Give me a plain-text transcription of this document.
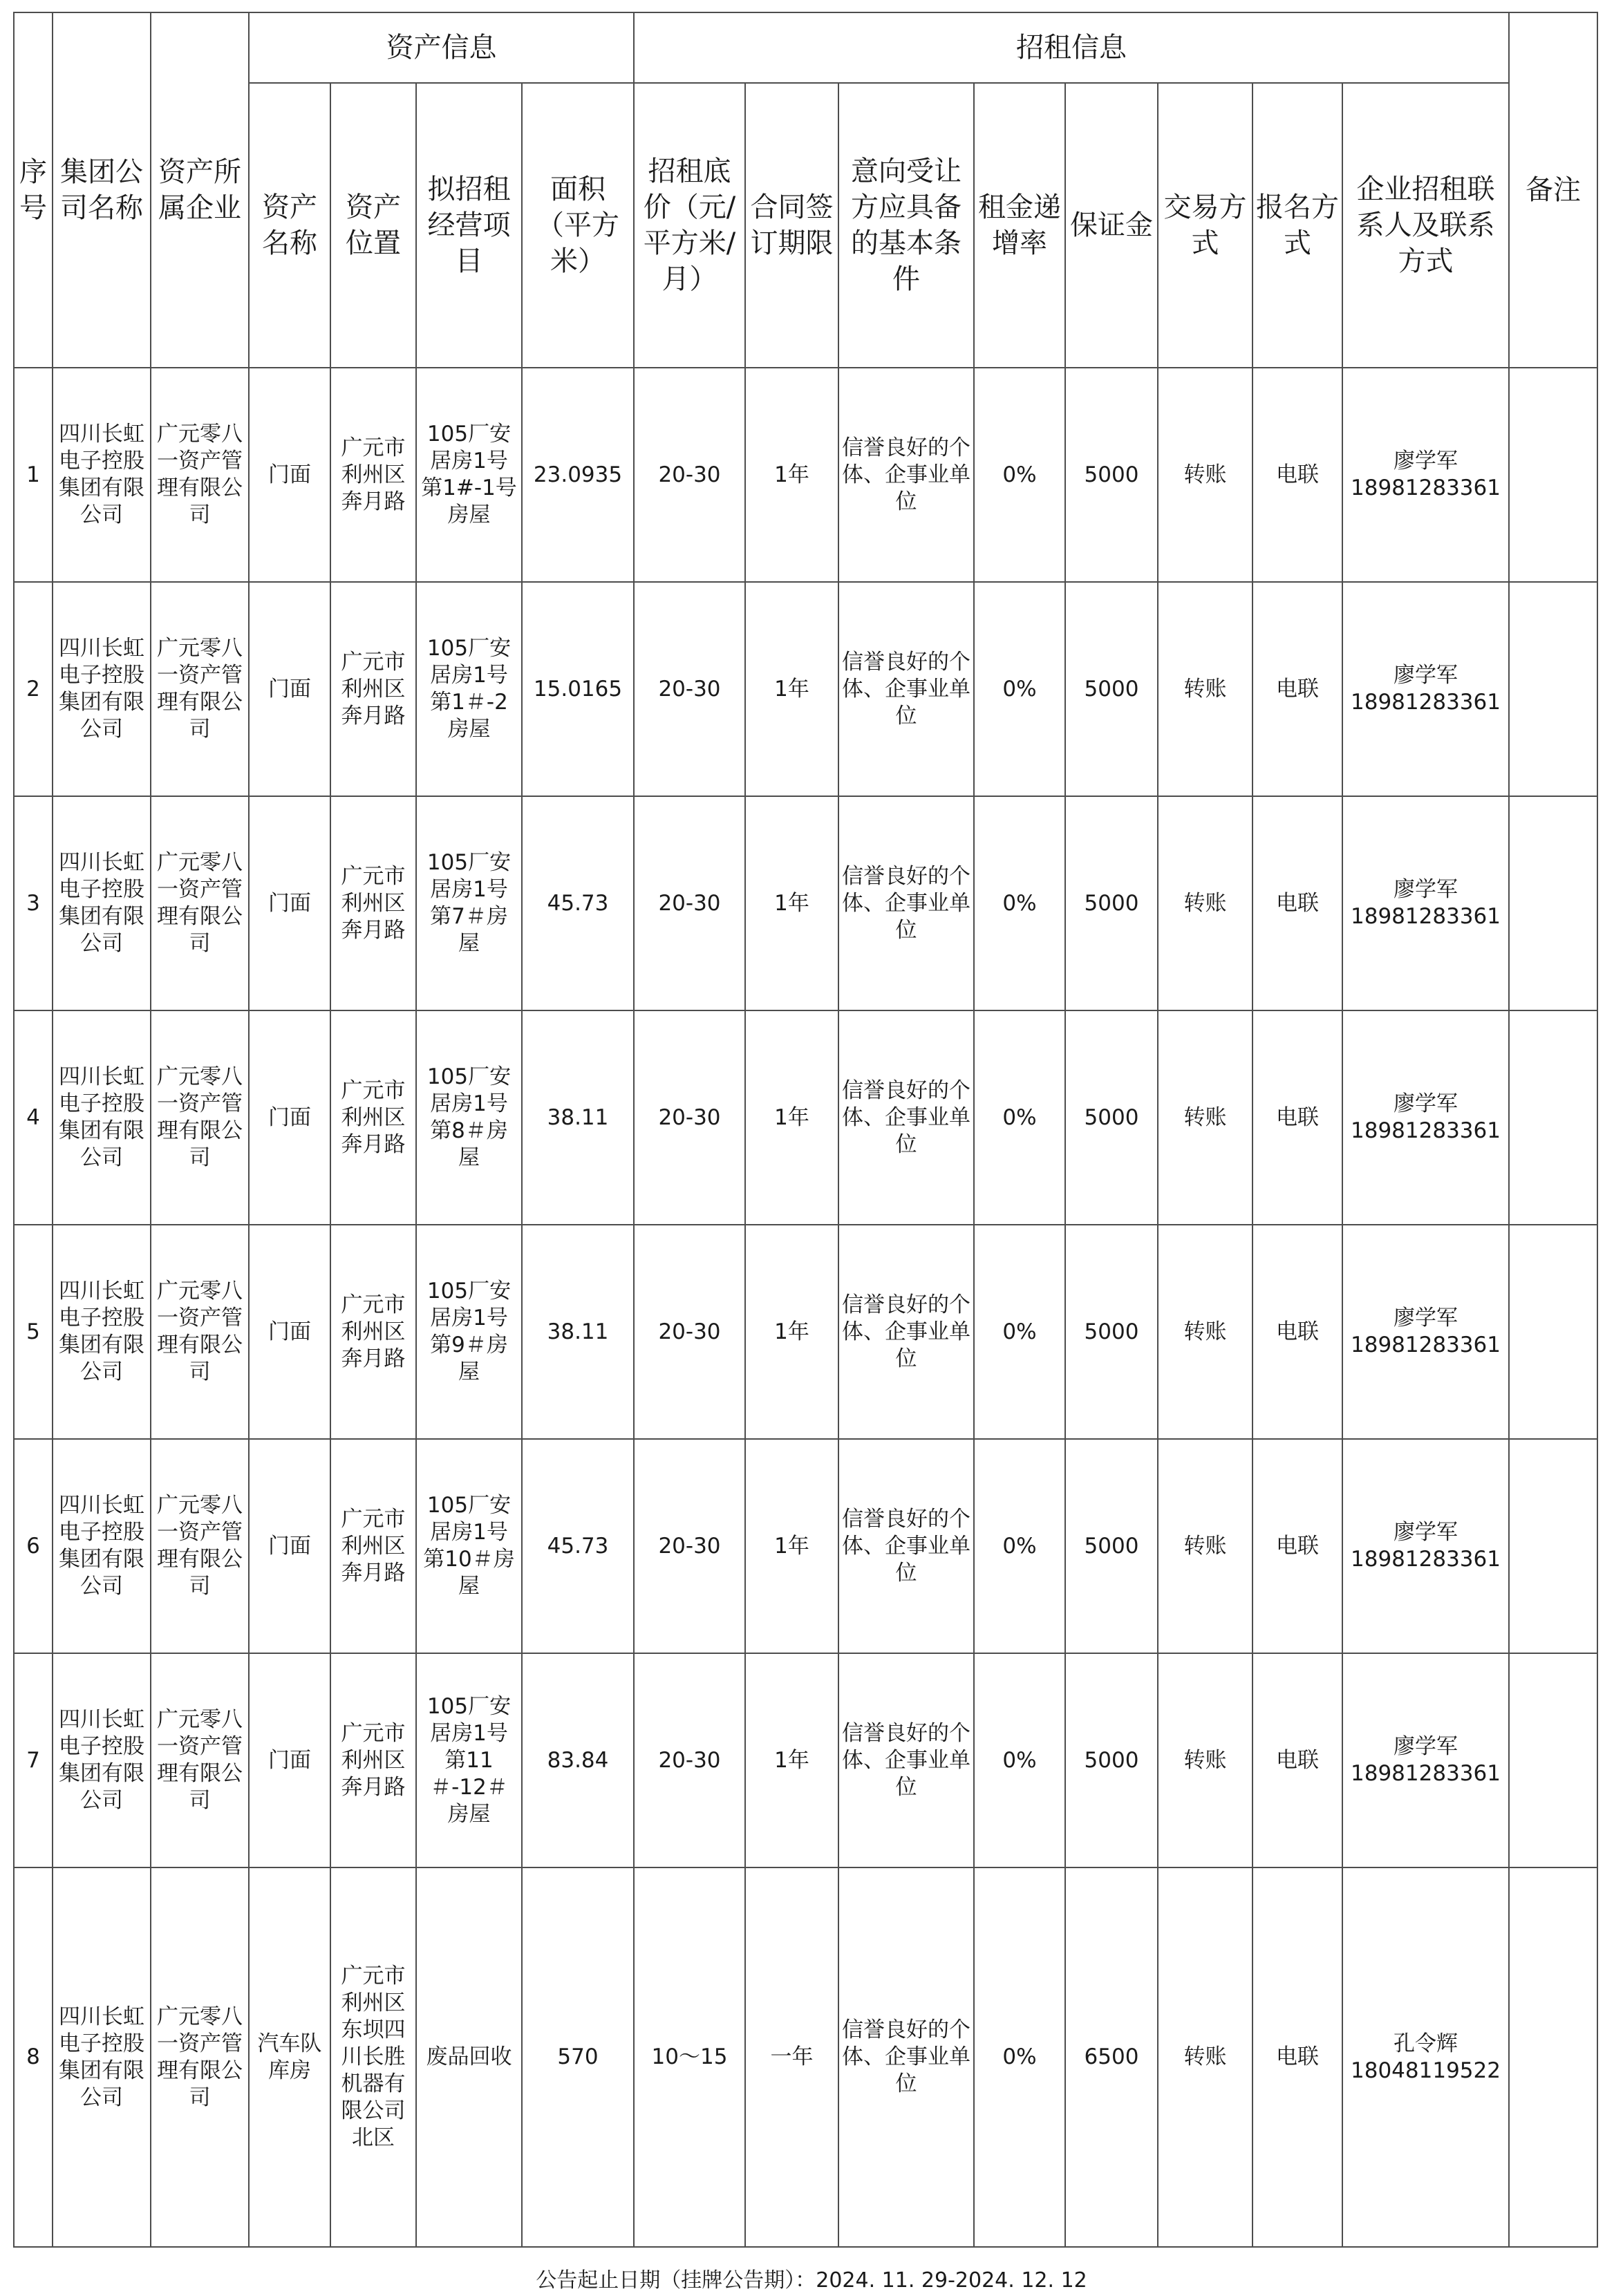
序号	集团公司名称	资产所属企业	资产信息				招租信息								备注
			资产名称	资产位置	拟招租经营项目	面积（平方米）	招租底价（元/平方米/月）	合同签订期限	意向受让方应具备的基本条件	租金递增率	保证金	交易方式	报名方式	企业招租联系人及联系方式	
1	四川长虹电子控股集团有限公司	广元零八一资产管理有限公司	门面	广元市利州区奔月路	105厂安居房1号第1#-1号房屋	23.0935	20-30	1年	信誉良好的个体、企事业单位	0%	5000	转账	电联	廖学军
18981283361	

2	四川长虹电子控股集团有限公司	广元零八一资产管理有限公司	门面	广元市利州区奔月路	105厂安居房1号第1＃-2房屋	15.0165	20-30	1年	信誉良好的个体、企事业单位	0%	5000	转账	电联	廖学军
18981283361	

3	四川长虹电子控股集团有限公司	广元零八一资产管理有限公司	门面	广元市利州区奔月路	105厂安居房1号第7＃房屋	45.73	20-30	1年	信誉良好的个体、企事业单位	0%	5000	转账	电联	廖学军
18981283361	

4	四川长虹电子控股集团有限公司	广元零八一资产管理有限公司	门面	广元市利州区奔月路	105厂安居房1号第8＃房屋	38.11	20-30	1年	信誉良好的个体、企事业单位	0%	5000	转账	电联	廖学军
18981283361	

5	四川长虹电子控股集团有限公司	广元零八一资产管理有限公司	门面	广元市利州区奔月路	105厂安居房1号第9＃房屋	38.11	20-30	1年	信誉良好的个体、企事业单位	0%	5000	转账	电联	廖学军
18981283361	

6	四川长虹电子控股集团有限公司	广元零八一资产管理有限公司	门面	广元市利州区奔月路	105厂安居房1号第10＃房屋	45.73	20-30	1年	信誉良好的个体、企事业单位	0%	5000	转账	电联	廖学军
18981283361	

7	四川长虹电子控股集团有限公司	广元零八一资产管理有限公司	门面	广元市利州区奔月路	105厂安居房1号第11＃-12＃房屋	83.84	20-30	1年	信誉良好的个体、企事业单位	0%	5000	转账	电联	廖学军
18981283361	

8	四川长虹电子控股集团有限公司	广元零八一资产管理有限公司	汽车队库房	广元市利州区东坝四川长胜机器有限公司北区	废品回收	570	10～15	一年	信誉良好的个体、企事业单位	0%	6500	转账	电联	孔令辉
18048119522	

公告起止日期（挂牌公告期）：2024. 11. 29-2024. 12. 12
